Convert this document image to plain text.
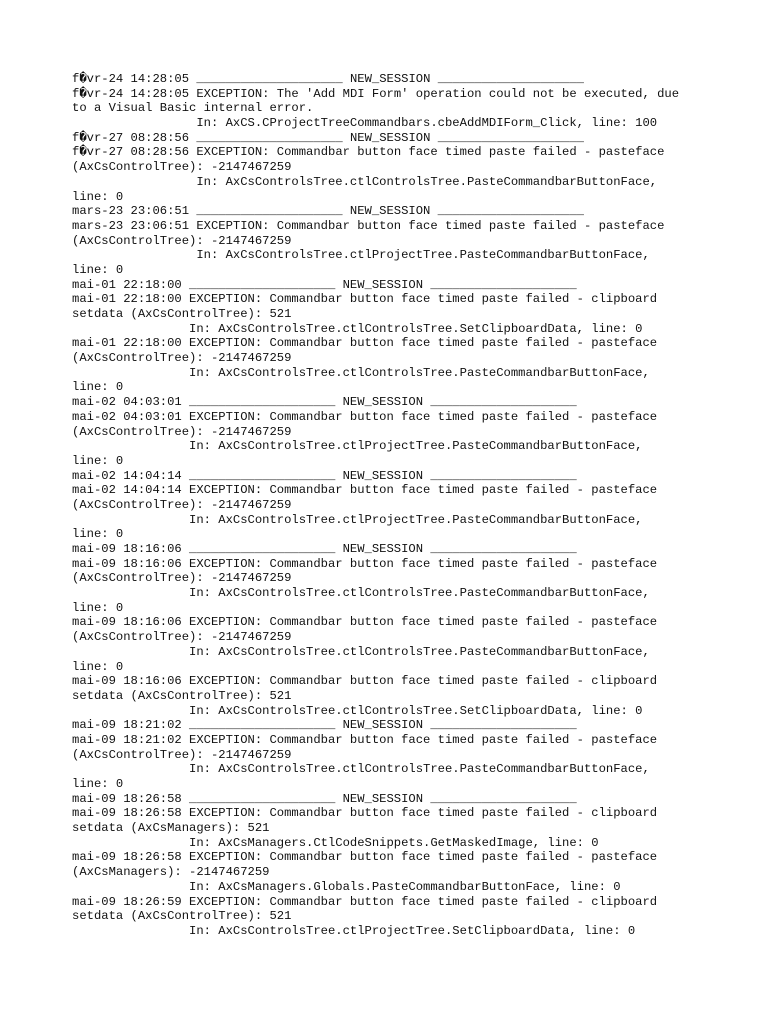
f�vr-24 14:28:05 ____________________ NEW_SESSION ____________________
f�vr-24 14:28:05 EXCEPTION: The 'Add MDI Form' operation could not be executed, due
to a Visual Basic internal error.
In: AxCS.CProjectTreeCommandbars.cbeAddMDIForm_Click, line: 100
f�vr-27 08:28:56 ____________________ NEW_SESSION ____________________
f�vr-27 08:28:56 EXCEPTION: Commandbar button face timed paste failed - pasteface
(AxCsControlTree): -2147467259
In: AxCsControlsTree.ctlControlsTree.PasteCommandbarButtonFace,
line: 0
mars-23 23:06:51 ____________________ NEW_SESSION ____________________
mars-23 23:06:51 EXCEPTION: Commandbar button face timed paste failed - pasteface
(AxCsControlTree): -2147467259
In: AxCsControlsTree.ctlProjectTree.PasteCommandbarButtonFace,
line: 0
mai-01 22:18:00 ____________________ NEW_SESSION ____________________
mai-01 22:18:00 EXCEPTION: Commandbar button face timed paste failed - clipboard
setdata (AxCsControlTree): 521
In: AxCsControlsTree.ctlControlsTree.SetClipboardData, line: 0
mai-01 22:18:00 EXCEPTION: Commandbar button face timed paste failed - pasteface
(AxCsControlTree): -2147467259
In: AxCsControlsTree.ctlControlsTree.PasteCommandbarButtonFace,
line: 0
mai-02 04:03:01 ____________________ NEW_SESSION ____________________
mai-02 04:03:01 EXCEPTION: Commandbar button face timed paste failed - pasteface
(AxCsControlTree): -2147467259
In: AxCsControlsTree.ctlProjectTree.PasteCommandbarButtonFace,
line: 0
mai-02 14:04:14 ____________________ NEW_SESSION ____________________
mai-02 14:04:14 EXCEPTION: Commandbar button face timed paste failed - pasteface
(AxCsControlTree): -2147467259
In: AxCsControlsTree.ctlProjectTree.PasteCommandbarButtonFace,
line: 0
mai-09 18:16:06 ____________________ NEW_SESSION ____________________
mai-09 18:16:06 EXCEPTION: Commandbar button face timed paste failed - pasteface
(AxCsControlTree): -2147467259
In: AxCsControlsTree.ctlControlsTree.PasteCommandbarButtonFace,
line: 0
mai-09 18:16:06 EXCEPTION: Commandbar button face timed paste failed - pasteface
(AxCsControlTree): -2147467259
In: AxCsControlsTree.ctlControlsTree.PasteCommandbarButtonFace,
line: 0
mai-09 18:16:06 EXCEPTION: Commandbar button face timed paste failed - clipboard
setdata (AxCsControlTree): 521
In: AxCsControlsTree.ctlControlsTree.SetClipboardData, line: 0
mai-09 18:21:02 ____________________ NEW_SESSION ____________________
mai-09 18:21:02 EXCEPTION: Commandbar button face timed paste failed - pasteface
(AxCsControlTree): -2147467259
In: AxCsControlsTree.ctlControlsTree.PasteCommandbarButtonFace,
line: 0
mai-09 18:26:58 ____________________ NEW_SESSION ____________________
mai-09 18:26:58 EXCEPTION: Commandbar button face timed paste failed - clipboard
setdata (AxCsManagers): 521
In: AxCsManagers.CtlCodeSnippets.GetMaskedImage, line: 0
mai-09 18:26:58 EXCEPTION: Commandbar button face timed paste failed - pasteface
(AxCsManagers): -2147467259
In: AxCsManagers.Globals.PasteCommandbarButtonFace, line: 0
mai-09 18:26:59 EXCEPTION: Commandbar button face timed paste failed - clipboard
setdata (AxCsControlTree): 521
In: AxCsControlsTree.ctlProjectTree.SetClipboardData, line: 0
